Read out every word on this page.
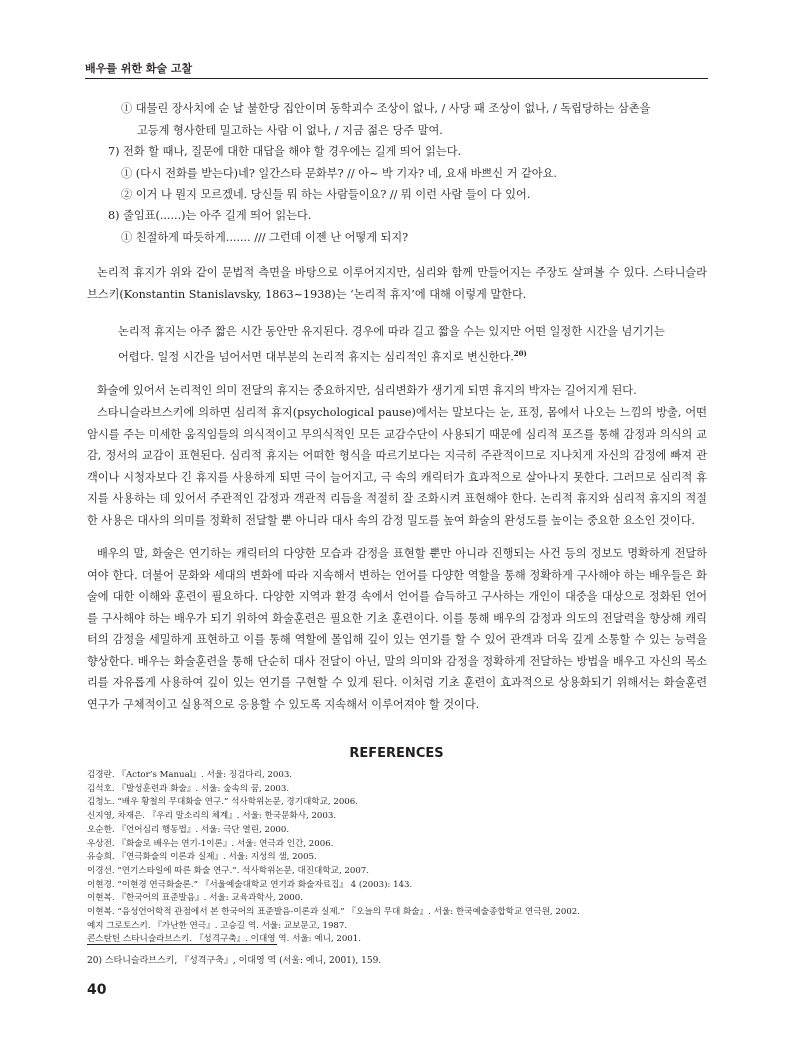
배우를 위한 화술 고찰
① 대물린 장사치에 순 날 불한당 집안이며 동학괴수 조상이 없나, / 사당 패 조상이 없나, / 독립당하는 삼촌을
고등계 형사한테 밀고하는 사람 이 없나, / 지금 젊은 당주 말여.
7) 전화 할 때나, 질문에 대한 대답을 해야 할 경우에는 길게 띄어 읽는다.
① (다시 전화를 받는다)네? 일간스타 문화부? // 아~ 박 기자? 네, 요새 바쁘신 거 같아요.
② 이거 나 뭔지 모르겠네. 당신들 뭐 하는 사람들이요? // 뭐 이런 사람 들이 다 있어.
8) 줄임표(......)는 아주 길게 띄어 읽는다.
① 친절하게 따듯하게....... /// 그런데 이젠 난 어떻게 되지?

논리적 휴지가 위와 같이 문법적 측면을 바탕으로 이루어지지만, 심리와 함께 만들어지는 주장도 살펴볼 수 있다. 스타니슬라브스키(Konstantin Stanislavsky, 1863~1938)는 ‘논리적 휴지’에 대해 이렇게 말한다.

논리적 휴지는 아주 짧은 시간 동안만 유지된다. 경우에 따라 길고 짧을 수는 있지만 어떤 일정한 시간을 넘기기는 어렵다. 일정 시간을 넘어서면 대부분의 논리적 휴지는 심리적인 휴지로 변신한다.$^{20)}$

화술에 있어서 논리적인 의미 전달의 휴지는 중요하지만, 심리변화가 생기게 되면 휴지의 박자는 길어지게 된다.

스타니슬라브스키에 의하면 심리적 휴지(psychological pause)에서는 말보다는 눈, 표정, 몸에서 나오는 느낌의 방출, 어떤 암시를 주는 미세한 움직임들의 의식적이고 무의식적인 모든 교감수단이 사용되기 때문에 심리적 포즈를 통해 감정과 의식의 교감, 정서의 교감이 표현된다. 심리적 휴지는 어떠한 형식을 따르기보다는 지극히 주관적이므로 지나치게 자신의 감정에 빠져 관객이나 시청자보다 긴 휴지를 사용하게 되면 극이 늘어지고, 극 속의 캐릭터가 효과적으로 살아나지 못한다. 그러므로 심리적 휴지를 사용하는 데 있어서 주관적인 감정과 객관적 리듬을 적절히 잘 조화시켜 표현해야 한다. 논리적 휴지와 심리적 휴지의 적절한 사용은 대사의 의미를 정확히 전달할 뿐 아니라 대사 속의 감정 밀도를 높여 화술의 완성도를 높이는 중요한 요소인 것이다.

배우의 말, 화술은 연기하는 캐릭터의 다양한 모습과 감정을 표현할 뿐만 아니라 진행되는 사건 등의 정보도 명확하게 전달하여야 한다. 더불어 문화와 세대의 변화에 따라 지속해서 변하는 언어를 다양한 역할을 통해 정확하게 구사해야 하는 배우들은 화술에 대한 이해와 훈련이 필요하다. 다양한 지역과 환경 속에서 언어를 습득하고 구사하는 개인이 대중을 대상으로 정화된 언어를 구사해야 하는 배우가 되기 위하여 화술훈련은 필요한 기초 훈련이다. 이를 통해 배우의 감정과 의도의 전달력을 향상해 캐릭터의 감정을 세밀하게 표현하고 이를 통해 역할에 몰입해 깊이 있는 연기를 할 수 있어 관객과 더욱 깊게 소통할 수 있는 능력을 향상한다. 배우는 화술훈련을 통해 단순히 대사 전달이 아닌, 말의 의미와 감정을 정확하게 전달하는 방법을 배우고 자신의 목소리를 자유롭게 사용하여 깊이 있는 연기를 구현할 수 있게 된다. 이처럼 기초 훈련이 효과적으로 상용화되기 위해서는 화술훈련 연구가 구체적이고 실용적으로 응용할 수 있도록 지속해서 이루어져야 할 것이다.

REFERENCES
김경란. 『Actor’s Manual』. 서울: 징검다리, 2003.
김석호. 『발성훈련과 화술』. 서울: 숲속의 꿈, 2003.
김청노. “배우 황철의 무대화술 연구.” 석사학위논문, 경기대학교, 2006.
신지영, 차재은. 『우리 말소리의 체계』. 서울: 한국문화사, 2003.
오순한. 『언어심리 행동법』. 서울: 극단 열린, 2000.
우상전. 『화술로 배우는 연기-1이론』. 서울: 연극과 인간, 2006.
유승희. 『연극화술의 이론과 실제』. 서울: 지성의 샘, 2005.
이경선. “연기스타일에 따른 화술 연구.”. 석사학위논문, 대진대학교, 2007.
이현경. “이현경 연극화술론.” 『서울예술대학교 연기과 화술자료집』 4 (2003): 143.
이현복. 『한국어의 표준발음』. 서울: 교육과학사, 2000.
이현복. “음성언어학적 관점에서 본 한국어의 표준발음-이론과 실제.” 『오늘의 무대 화술』. 서울: 한국예술종합학교 연극원, 2002.
예지 그로토스키. 『가난한 연극』. 고승길 역. 서울: 교보문고, 1987.
콘스탄틴 스타니슬라브스키. 『성격구축』. 이대영 역. 서울: 예니, 2001.
20) 스타니슬라브스키, 『성격구축』, 이대영 역 (서울: 예니, 2001), 159.
40
